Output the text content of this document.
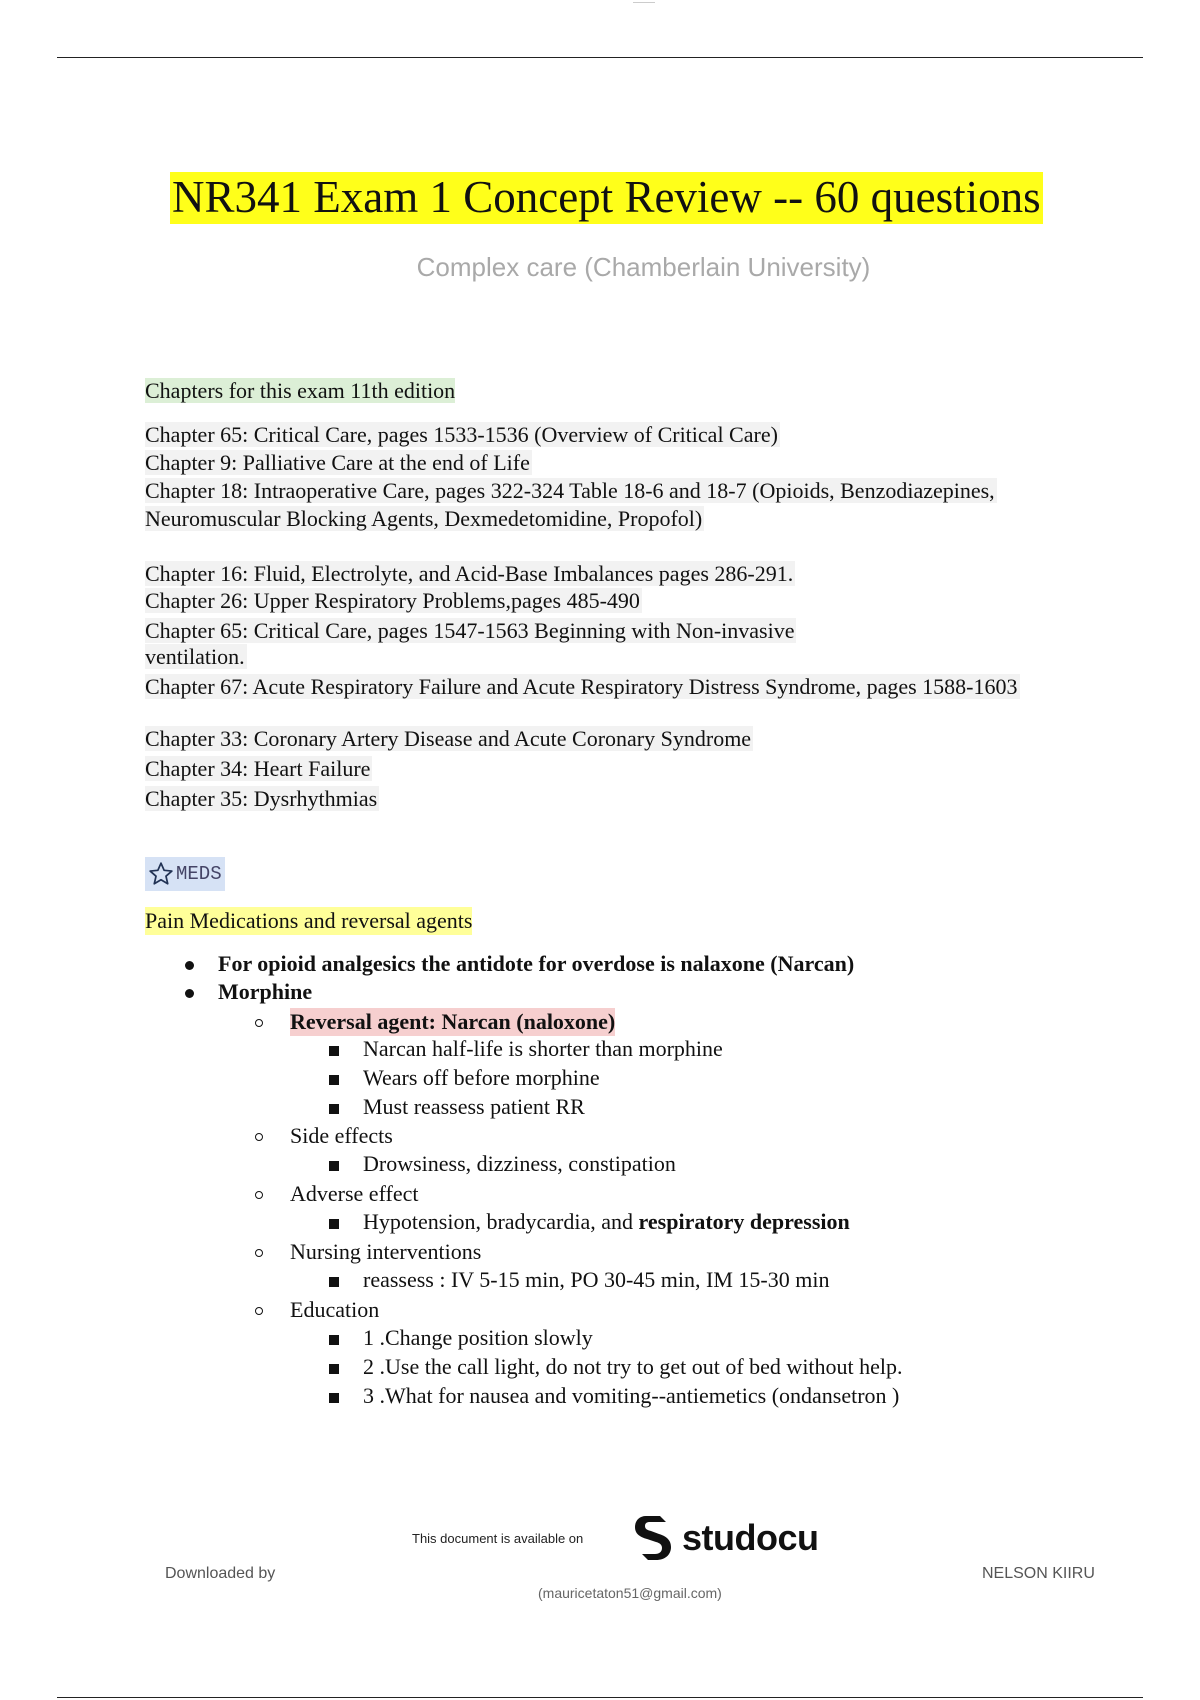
NR341 Exam 1 Concept Review -- 60 questions
Complex care (Chamberlain University)
Chapters for this exam 11th edition
Chapter 65: Critical Care, pages 1533-1536 (Overview of Critical Care)
Chapter 9: Palliative Care at the end of Life
Chapter 18: Intraoperative Care, pages 322-324 Table 18-6 and 18-7 (Opioids, Benzodiazepines,
Neuromuscular Blocking Agents, Dexmedetomidine, Propofol)
Chapter 16: Fluid, Electrolyte, and Acid-Base Imbalances pages 286-291.
Chapter 26: Upper Respiratory Problems,pages 485-490
Chapter 65: Critical Care, pages 1547-1563 Beginning with Non-invasive
ventilation.
Chapter 67: Acute Respiratory Failure and Acute Respiratory Distress Syndrome, pages 1588-1603
Chapter 33: Coronary Artery Disease and Acute Coronary Syndrome
Chapter 34: Heart Failure
Chapter 35: Dysrhythmias
MEDS
Pain Medications and reversal agents
For opioid analgesics the antidote for overdose is nalaxone (Narcan)
Morphine
Reversal agent: Narcan (naloxone)
Narcan half-life is shorter than morphine
Wears off before morphine
Must reassess patient RR
Side effects
Drowsiness, dizziness, constipation
Adverse effect
Hypotension, bradycardia, and respiratory depression
Nursing interventions
reassess : IV 5-15 min, PO 30-45 min, IM 15-30 min
Education
1 .Change position slowly
2 .Use the call light, do not try to get out of bed without help.
3 .What for nausea and vomiting--antiemetics (ondansetron )
This document is available on	studocu
Downloaded by	NELSON KIIRU
(mauricetaton51@gmail.com)
